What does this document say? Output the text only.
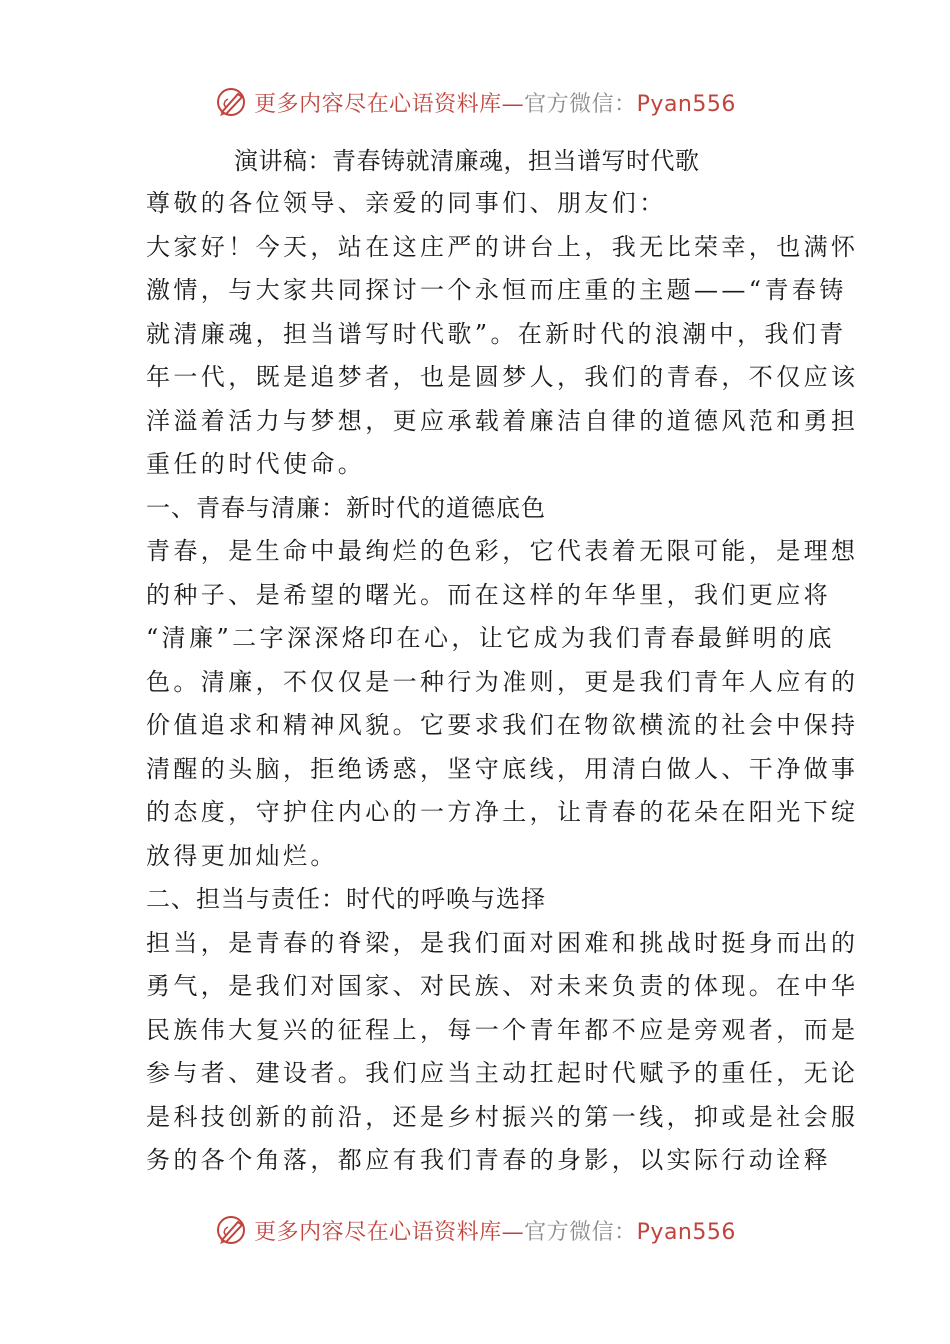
更多内容尽在心语资料库—官方微信：Pyan556
演讲稿：青春铸就清廉魂，担当谱写时代歌
尊敬的各位领导、亲爱的同事们、朋友们：
大家好！今天，站在这庄严的讲台上，我无比荣幸，也满怀
激情，与大家共同探讨一个永恒而庄重的主题——“青春铸
就清廉魂，担当谱写时代歌”。在新时代的浪潮中，我们青
年一代，既是追梦者，也是圆梦人，我们的青春，不仅应该
洋溢着活力与梦想，更应承载着廉洁自律的道德风范和勇担
重任的时代使命。
一、青春与清廉：新时代的道德底色
青春，是生命中最绚烂的色彩，它代表着无限可能，是理想
的种子、是希望的曙光。而在这样的年华里，我们更应将
“清廉”二字深深烙印在心，让它成为我们青春最鲜明的底
色。清廉，不仅仅是一种行为准则，更是我们青年人应有的
价值追求和精神风貌。它要求我们在物欲横流的社会中保持
清醒的头脑，拒绝诱惑，坚守底线，用清白做人、干净做事
的态度，守护住内心的一方净土，让青春的花朵在阳光下绽
放得更加灿烂。
二、担当与责任：时代的呼唤与选择
担当，是青春的脊梁，是我们面对困难和挑战时挺身而出的
勇气，是我们对国家、对民族、对未来负责的体现。在中华
民族伟大复兴的征程上，每一个青年都不应是旁观者，而是
参与者、建设者。我们应当主动扛起时代赋予的重任，无论
是科技创新的前沿，还是乡村振兴的第一线，抑或是社会服
务的各个角落，都应有我们青春的身影，以实际行动诠释
更多内容尽在心语资料库—官方微信：Pyan556
